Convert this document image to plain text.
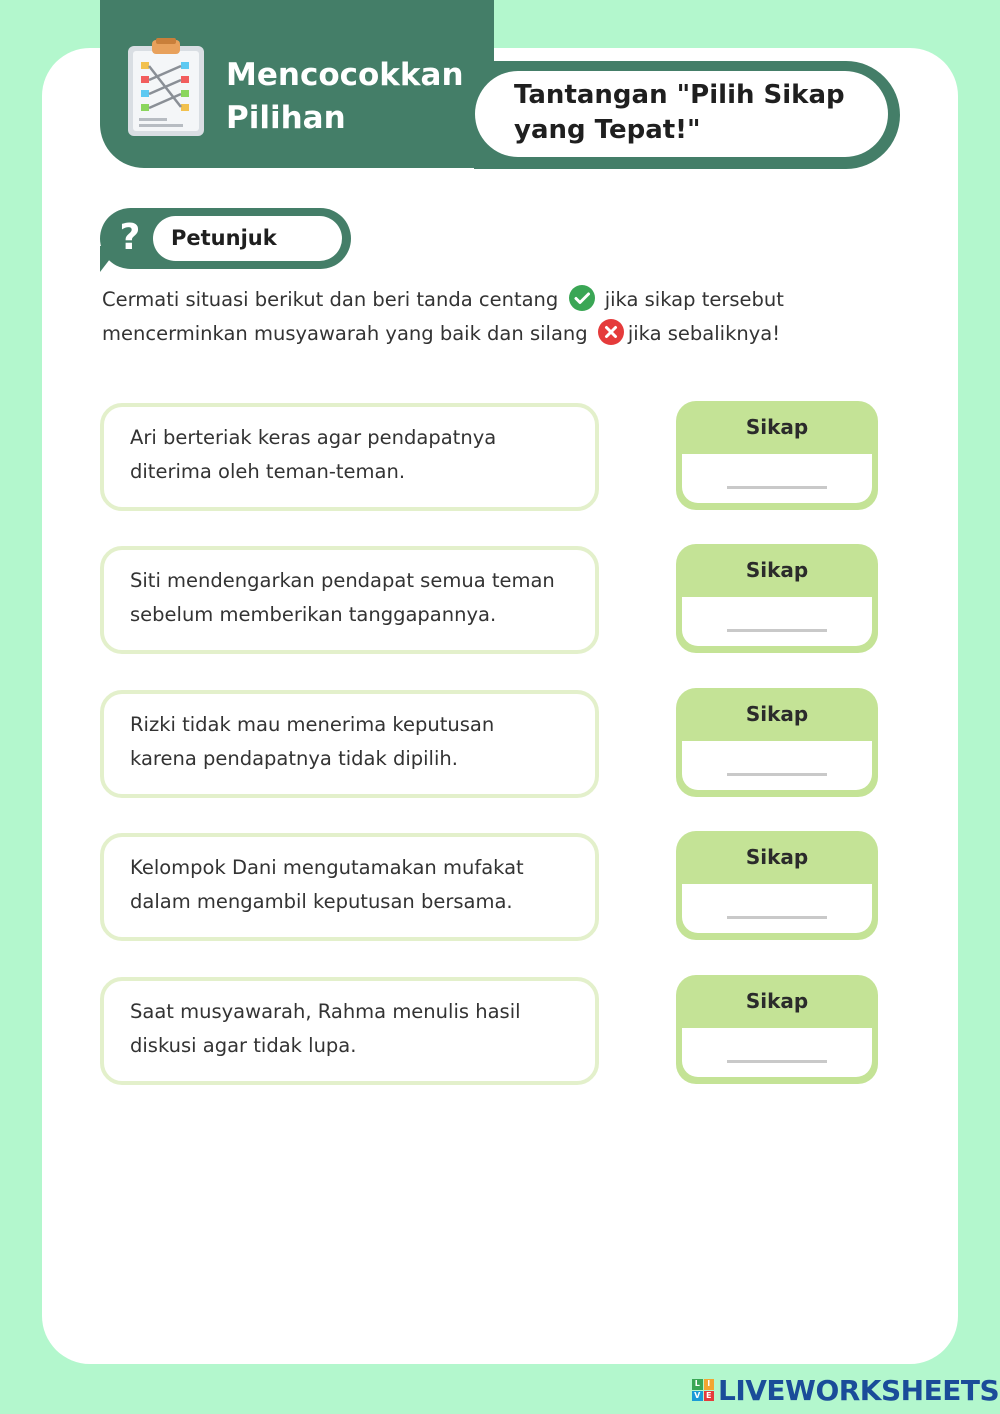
Mencocokkan
Pilihan
Tantangan "Pilih Sikap
yang Tepat!"
?	Petunjuk
Cermati situasi berikut dan beri tanda centang jika sikap tersebut
mencerminkan musyawarah yang baik dan silang jika sebaliknya!
Ari berteriak keras agar pendapatnya
diterima oleh teman-teman.
Sikap
Siti mendengarkan pendapat semua teman
sebelum memberikan tanggapannya.
Sikap
Rizki tidak mau menerima keputusan
karena pendapatnya tidak dipilih.
Sikap
Kelompok Dani mengutamakan mufakat
dalam mengambil keputusan bersama.
Sikap
Saat musyawarah, Rahma menulis hasil
diskusi agar tidak lupa.
Sikap
L I
V E LIVEWORKSHEETS
